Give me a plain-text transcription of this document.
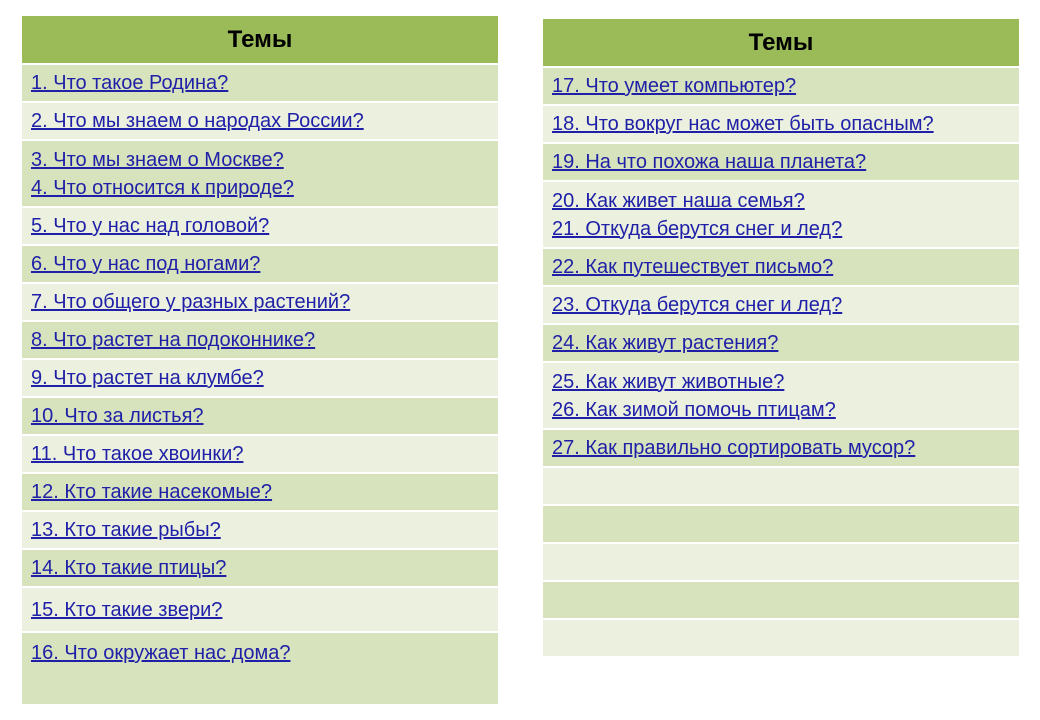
Темы
1. Что такое Родина?
2. Что мы знаем о народах России?
3. Что мы знаем о Москве?
4. Что относится к природе?
5. Что у нас над головой?
6. Что у нас под ногами?
7. Что общего у разных растений?
8. Что растет на подоконнике?
9. Что растет на клумбе?
10. Что за листья?
11. Что такое хвоинки?
12. Кто такие насекомые?
13. Кто такие рыбы?
14. Кто такие птицы?
15. Кто такие звери?
16. Что окружает нас дома?
Темы
17. Что умеет компьютер?
18. Что вокруг нас может быть опасным?
19. На что похожа наша планета?
20. Как живет наша семья?
21. Откуда берутся снег и лед?
22. Как путешествует письмо?
23. Откуда берутся снег и лед?
24. Как живут растения?
25. Как живут животные?
26. Как зимой помочь птицам?
27. Как правильно сортировать мусор?
